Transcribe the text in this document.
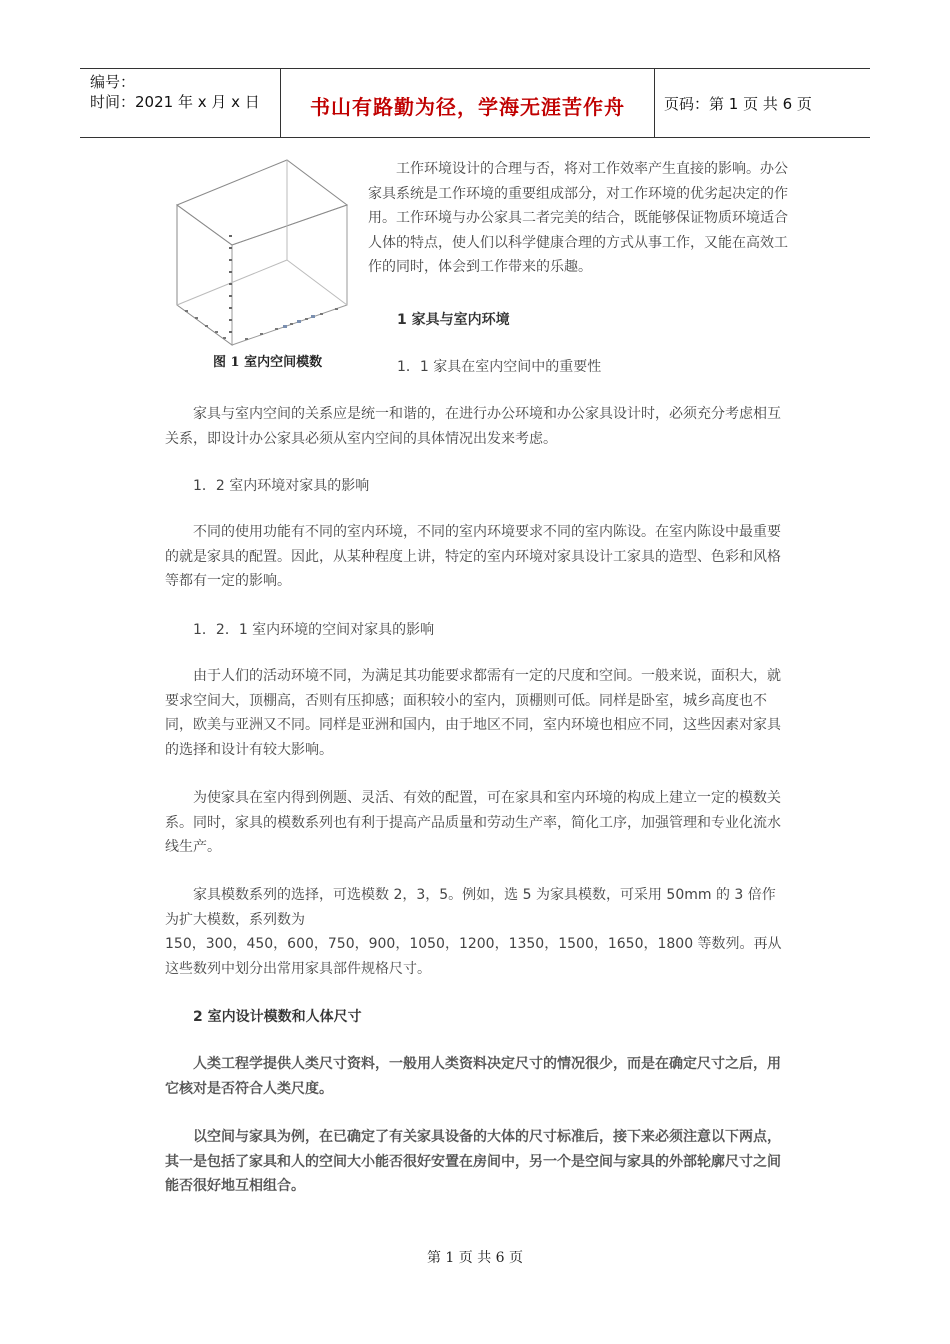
编号：
时间：2021 年 x 月 x 日	书山有路勤为径，学海无涯苦作舟	页码：第 1 页 共 6 页
图 1 室内空间模数

工作环境设计的合理与否，将对工作效率产生直接的影响。办公家具系统是工作环境的重要组成部分，对工作环境的优劣起决定的作用。工作环境与办公家具二者完美的结合，既能够保证物质环境适合人体的特点，使人们以科学健康合理的方式从事工作，又能在高效工作的同时，体会到工作带来的乐趣。

1 家具与室内环境
1．1 家具在室内空间中的重要性

家具与室内空间的关系应是统一和谐的，在进行办公环境和办公家具设计时，必须充分考虑相互关系，即设计办公家具必须从室内空间的具体情况出发来考虑。

1．2 室内环境对家具的影响

不同的使用功能有不同的室内环境，不同的室内环境要求不同的室内陈设。在室内陈设中最重要的就是家具的配置。因此，从某种程度上讲，特定的室内环境对家具设计工家具的造型、色彩和风格等都有一定的影响。

1．2．1 室内环境的空间对家具的影响

由于人们的活动环境不同，为满足其功能要求都需有一定的尺度和空间。一般来说，面积大，就要求空间大，顶棚高，否则有压抑感；面积较小的室内，顶棚则可低。同样是卧室，城乡高度也不同，欧美与亚洲又不同。同样是亚洲和国内，由于地区不同，室内环境也相应不同，这些因素对家具的选择和设计有较大影响。

为使家具在室内得到例题、灵活、有效的配置，可在家具和室内环境的构成上建立一定的模数关系。同时，家具的模数系列也有利于提高产品质量和劳动生产率，简化工序，加强管理和专业化流水线生产。

家具模数系列的选择，可选模数 2，3，5。例如，选 5 为家具模数，可采用 50mm 的 3 倍作为扩大模数，系列数为
150，300，450，600，750，900，1050，1200，1350，1500，1650，1800 等数列。再从这些数列中划分出常用家具部件规格尺寸。

2 室内设计模数和人体尺寸

人类工程学提供人类尺寸资料，一般用人类资料决定尺寸的情况很少，而是在确定尺寸之后，用它核对是否符合人类尺度。

以空间与家具为例，在已确定了有关家具设备的大体的尺寸标准后，接下来必须注意以下两点，其一是包括了家具和人的空间大小能否很好安置在房间中，另一个是空间与家具的外部轮廓尺寸之间能否很好地互相组合。

第 1 页 共 6 页
